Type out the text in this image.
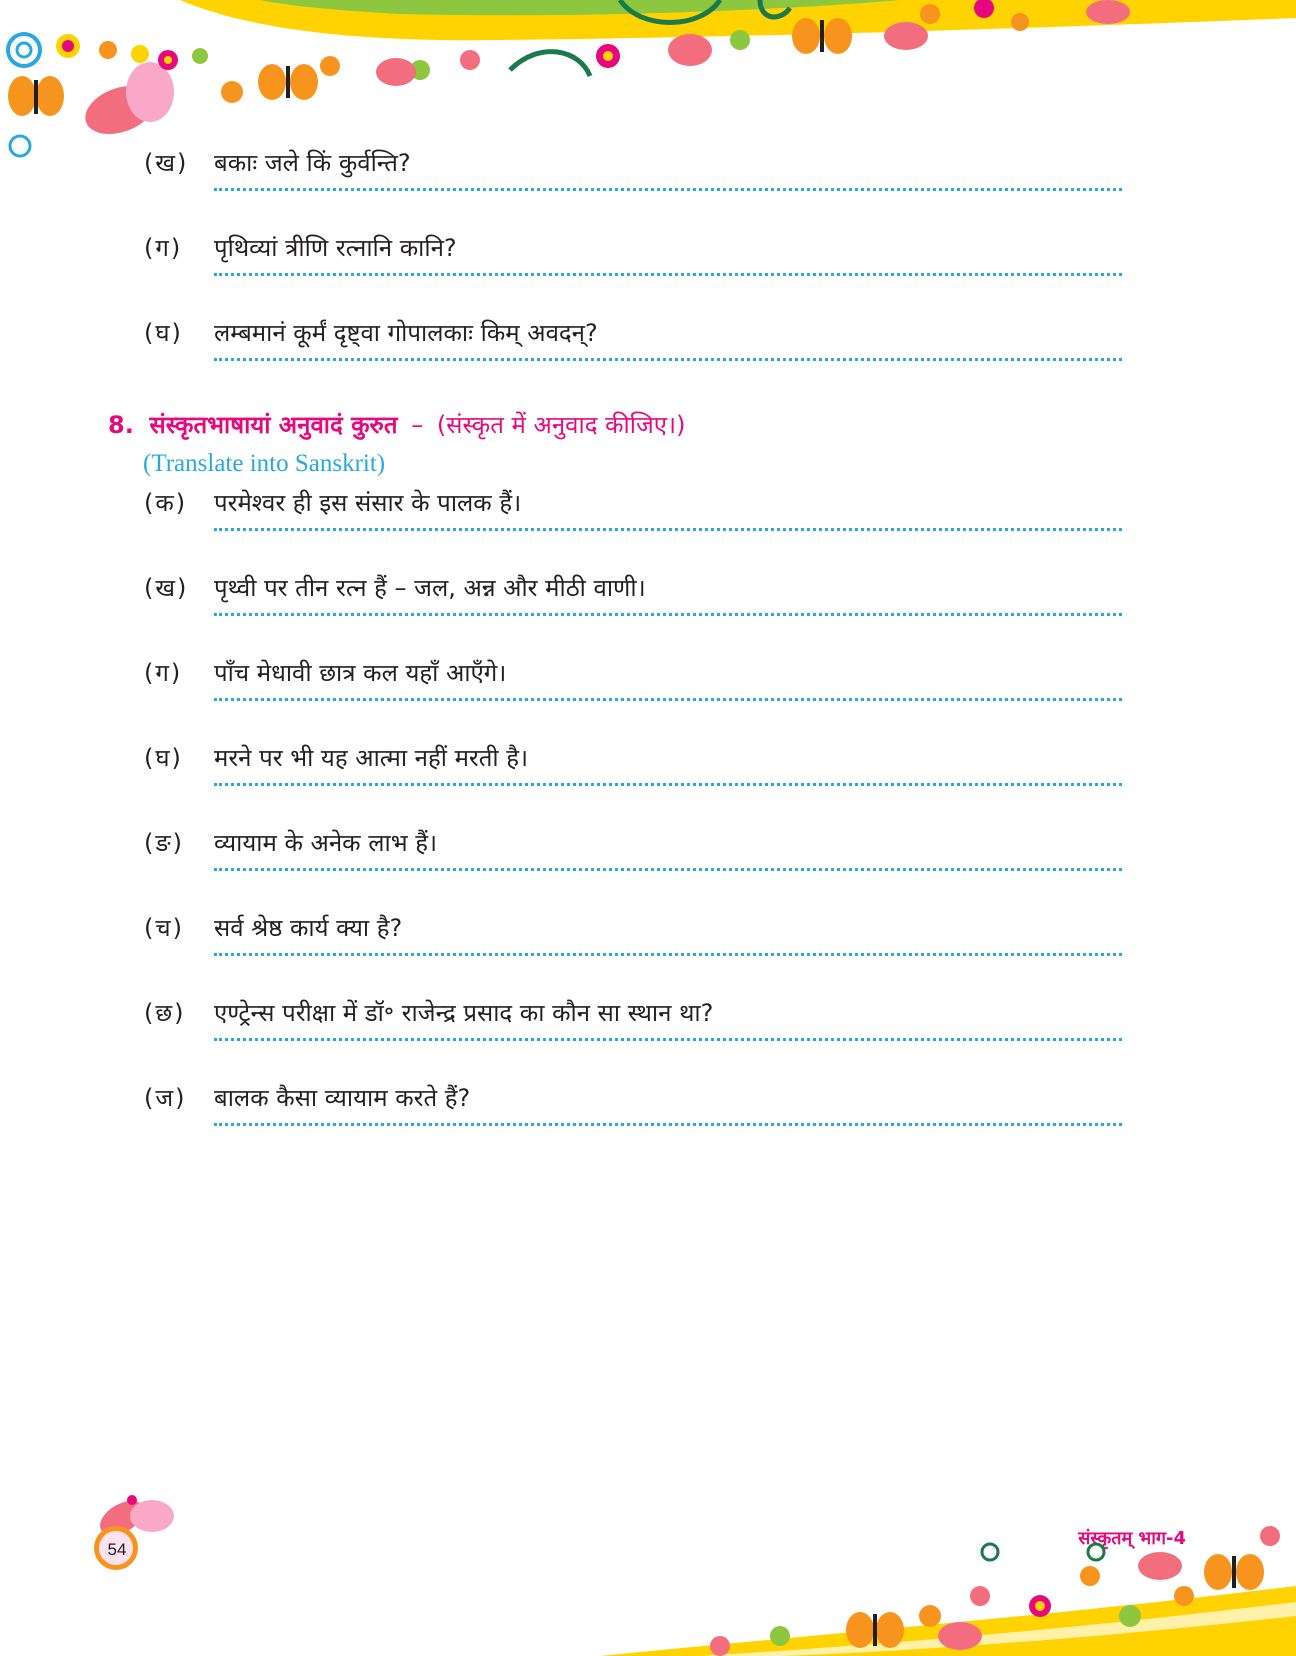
(ख) बकाः जले किं कुर्वन्ति?
(ग) पृथिव्यां त्रीणि रत्नानि कानि?
(घ) लम्बमानं कूर्मं दृष्ट्वा गोपालकाः किम् अवदन्?
8. संस्कृतभाषायां अनुवादं कुरुत – (संस्कृत में अनुवाद कीजिए।)
(Translate into Sanskrit)
(क) परमेश्वर ही इस संसार के पालक हैं।
(ख) पृथ्वी पर तीन रत्न हैं – जल, अन्न और मीठी वाणी।
(ग) पाँच मेधावी छात्र कल यहाँ आएँगे।
(घ) मरने पर भी यह आत्मा नहीं मरती है।
(ङ) व्यायाम के अनेक लाभ हैं।
(च) सर्व श्रेष्ठ कार्य क्या है?
(छ) एण्ट्रेन्स परीक्षा में डॉ॰ राजेन्द्र प्रसाद का कौन सा स्थान था?
(ज) बालक कैसा व्यायाम करते हैं?
54
संस्कृतम् भाग-4
